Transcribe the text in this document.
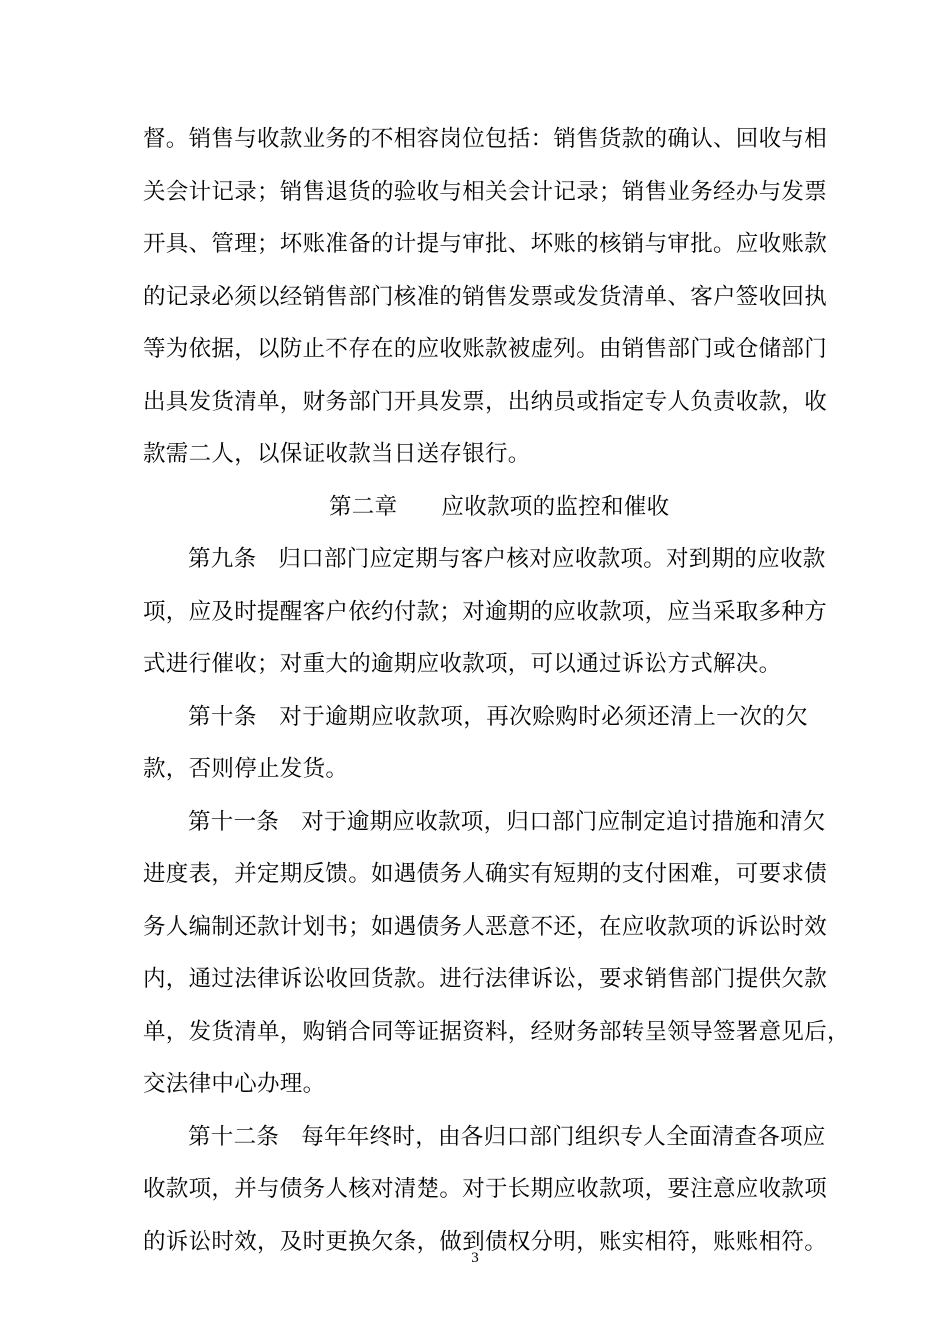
督。销售与收款业务的不相容岗位包括：销售货款的确认、回收与相
关会计记录；销售退货的验收与相关会计记录；销售业务经办与发票
开具、管理；坏账准备的计提与审批、坏账的核销与审批。应收账款
的记录必须以经销售部门核准的销售发票或发货清单、客户签收回执
等为依据，以防止不存在的应收账款被虚列。由销售部门或仓储部门
出具发货清单，财务部门开具发票，出纳员或指定专人负责收款，收
款需二人，以保证收款当日送存银行。
第二章 应收款项的监控和催收
第九条 归口部门应定期与客户核对应收款项。对到期的应收款
项，应及时提醒客户依约付款；对逾期的应收款项，应当采取多种方
式进行催收；对重大的逾期应收款项，可以通过诉讼方式解决。
第十条 对于逾期应收款项，再次赊购时必须还清上一次的欠
款，否则停止发货。
第十一条 对于逾期应收款项，归口部门应制定追讨措施和清欠
进度表，并定期反馈。如遇债务人确实有短期的支付困难，可要求债
务人编制还款计划书；如遇债务人恶意不还，在应收款项的诉讼时效
内，通过法律诉讼收回货款。进行法律诉讼，要求销售部门提供欠款
单，发货清单，购销合同等证据资料，经财务部转呈领导签署意见后，
交法律中心办理。
第十二条 每年年终时，由各归口部门组织专人全面清查各项应
收款项，并与债务人核对清楚。对于长期应收款项，要注意应收款项
的诉讼时效，及时更换欠条，做到债权分明，账实相符，账账相符。
3
